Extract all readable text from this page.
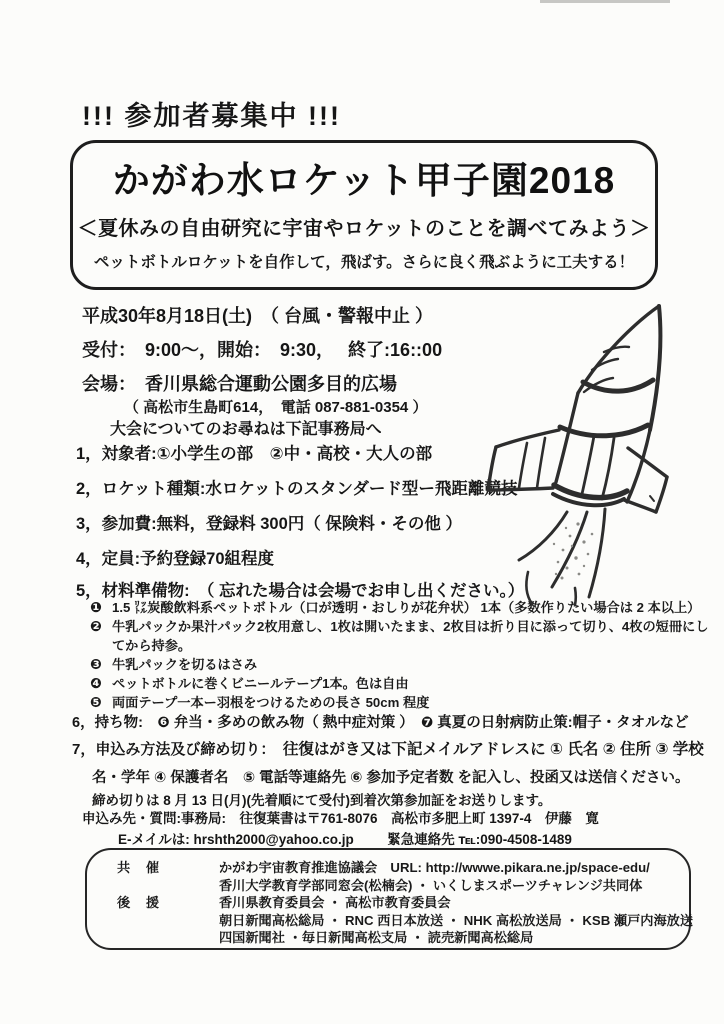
!!! 参加者募集中 !!!
かがわ水ロケット甲子園2018
＜夏休みの自由研究に宇宙やロケットのことを調べてみよう＞
ペットボトルロケットを自作して，飛ばす。さらに良く飛ぶように工夫する！
平成30年8月18日(土)　（ 台風・警報中止 ）
受付：　9:00～，開始：　9:30，　 終了:16::00
会場：　香川県総合運動公園多目的広場
（ 高松市生島町614，　電話 087-881-0354 ）
大会についてのお尋ねは下記事務局へ
1，対象者:①小学生の部　②中・高校・大人の部
2，ロケット種類:水ロケットのスタンダード型ー飛距離競技
3，参加費:無料，登録料 300円（ 保険料・その他 ）
4，定員:予約登録70組程度
5，材料準備物:　（ 忘れた場合は会場でお申し出ください。）
❶ 1.5 ㍑炭酸飲料系ペットボトル（口が透明・おしりが花弁状） 1本（多数作りたい場合は 2 本以上）
❷ 牛乳パックか果汁パック2枚用意し、1枚は開いたまま、2枚目は折り目に添って切り、4枚の短冊にしてから持参。
❸ 牛乳パックを切るはさみ
❹ ペットボトルに巻くビニールテープ1本。色は自由
❺ 両面テープ一本ー羽根をつけるための長さ 50cm 程度
6，持ち物:　❻ 弁当・多めの飲み物（ 熱中症対策 ）　❼ 真夏の日射病防止策:帽子・タオルなど
7，申込み方法及び締め切り：　往復はがき又は下記メイルアドレスに ① 氏名 ② 住所 ③ 学校
名・学年 ④ 保護者名　⑤ 電話等連絡先 ⑥ 参加予定者数 を記入し、投函又は送信ください。
締め切りは 8 月 13 日(月)(先着順にて受付)到着次第参加証をお送りします。
申込み先・質問:事務局:　往復葉書は〒761-8076　高松市多肥上町 1397-4　伊藤　寛
E-メイルは: hrshth2000@yahoo.co.jp 緊急連絡先 ℡:090-4508-1489
共 催	かがわ宇宙教育推進協議会　URL: http://wwwe.pikara.ne.jp/space-edu/
香川大学教育学部同窓会(松楠会) ・ いくしまスポーツチャレンジ共同体
後 援	香川県教育委員会 ・ 高松市教育委員会
朝日新聞高松総局 ・ RNC 西日本放送 ・ NHK 高松放送局 ・ KSB 瀬戸内海放送
四国新聞社 ・毎日新聞高松支局 ・ 読売新聞高松総局
